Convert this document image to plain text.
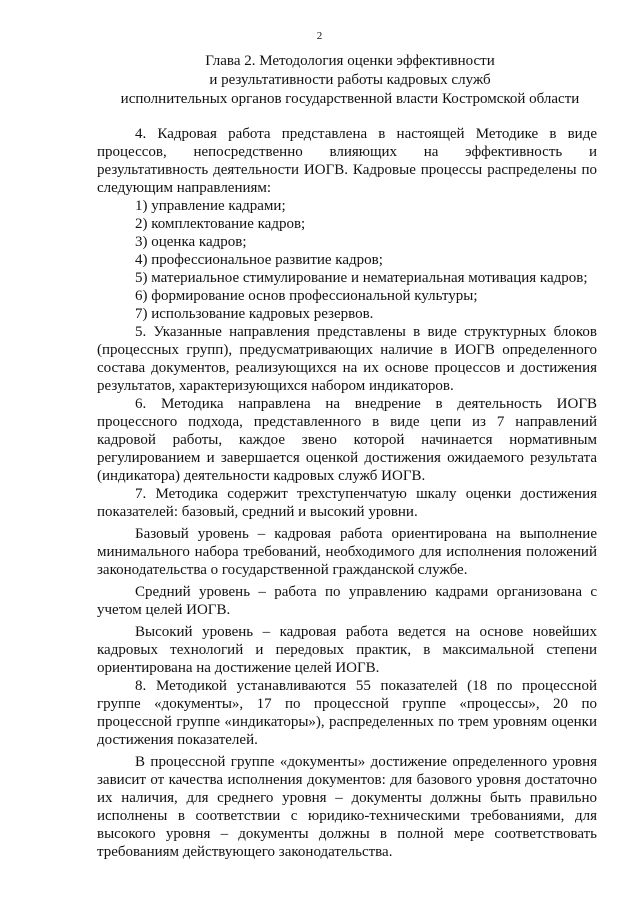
2
Глава 2. Методология оценки эффективности
и результативности работы кадровых служб
исполнительных органов государственной власти Костромской области

4. Кадровая работа представлена в настоящей Методике в виде процессов, непосредственно влияющих на эффективность и результативность деятельности ИОГВ. Кадровые процессы распределены по следующим направлениям:

1) управление кадрами;

2) комплектование кадров;

3) оценка кадров;

4) профессиональное развитие кадров;

5) материальное стимулирование и нематериальная мотивация кадров;

6) формирование основ профессиональной культуры;

7) использование кадровых резервов.

5. Указанные направления представлены в виде структурных блоков (процессных групп), предусматривающих наличие в ИОГВ определенного состава документов, реализующихся на их основе процессов и достижения результатов, характеризующихся набором индикаторов.

6. Методика направлена на внедрение в деятельность ИОГВ процессного подхода, представленного в виде цепи из 7 направлений кадровой работы, каждое звено которой начинается нормативным регулированием и завершается оценкой достижения ожидаемого результата (индикатора) деятельности кадровых служб ИОГВ.

7. Методика содержит трехступенчатую шкалу оценки достижения показателей: базовый, средний и высокий уровни.

Базовый уровень – кадровая работа ориентирована на выполнение минимального набора требований, необходимого для исполнения положений законодательства о государственной гражданской службе.

Средний уровень – работа по управлению кадрами организована с учетом целей ИОГВ.

Высокий уровень – кадровая работа ведется на основе новейших кадровых технологий и передовых практик, в максимальной степени ориентирована на достижение целей ИОГВ.

8. Методикой устанавливаются 55 показателей (18 по процессной группе «документы», 17 по процессной группе «процессы», 20 по процессной группе «индикаторы»), распределенных по трем уровням оценки достижения показателей.

В процессной группе «документы» достижение определенного уровня зависит от качества исполнения документов: для базового уровня достаточно их наличия, для среднего уровня – документы должны быть правильно исполнены в соответствии с юридико-техническими требованиями, для высокого уровня – документы должны в полной мере соответствовать требованиям действующего законодательства.
